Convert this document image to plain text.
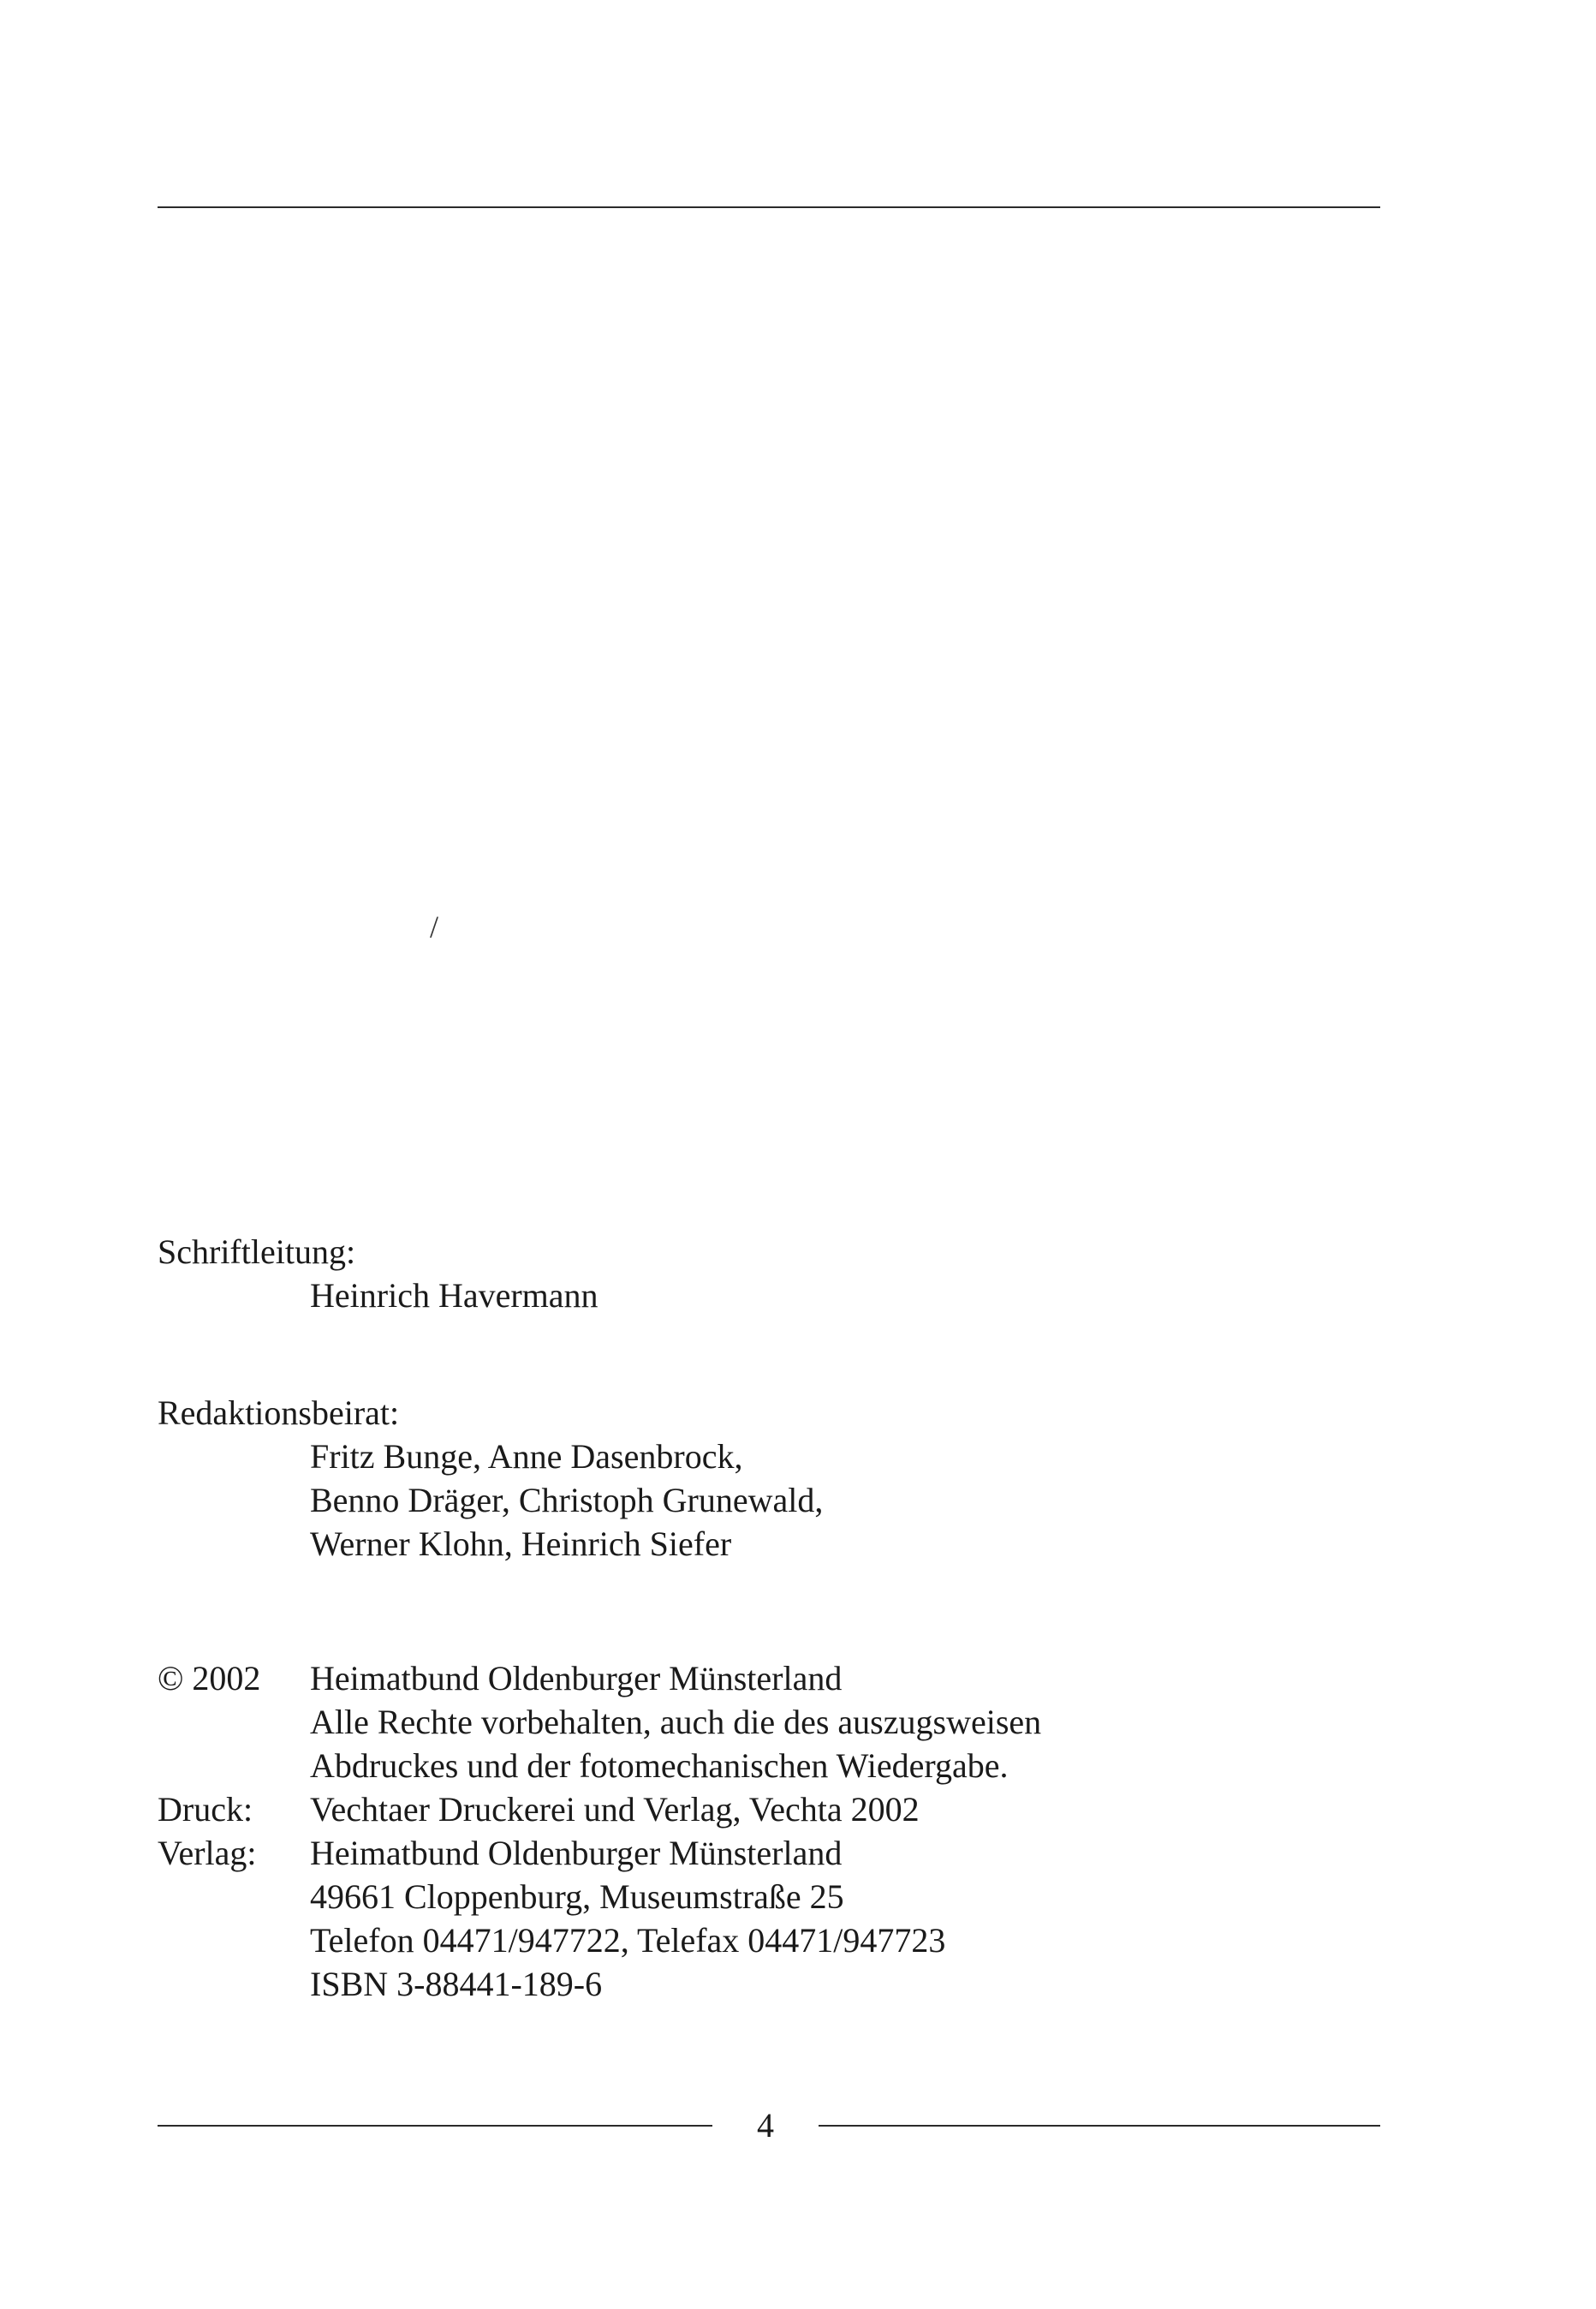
/
Schriftleitung:
Heinrich Havermann
Redaktionsbeirat:
Fritz Bunge, Anne Dasenbrock,
Benno Dräger, Christoph Grunewald,
Werner Klohn, Heinrich Siefer
© 2002	Heimatbund Oldenburger Münsterland
Alle Rechte vorbehalten, auch die des auszugsweisen
Abdruckes und der fotomechanischen Wiedergabe.
Druck:	Vechtaer Druckerei und Verlag, Vechta 2002
Verlag:	Heimatbund Oldenburger Münsterland
49661 Cloppenburg, Museumstraße 25
Telefon 04471/947722, Telefax 04471/947723
ISBN 3-88441-189-6
4
